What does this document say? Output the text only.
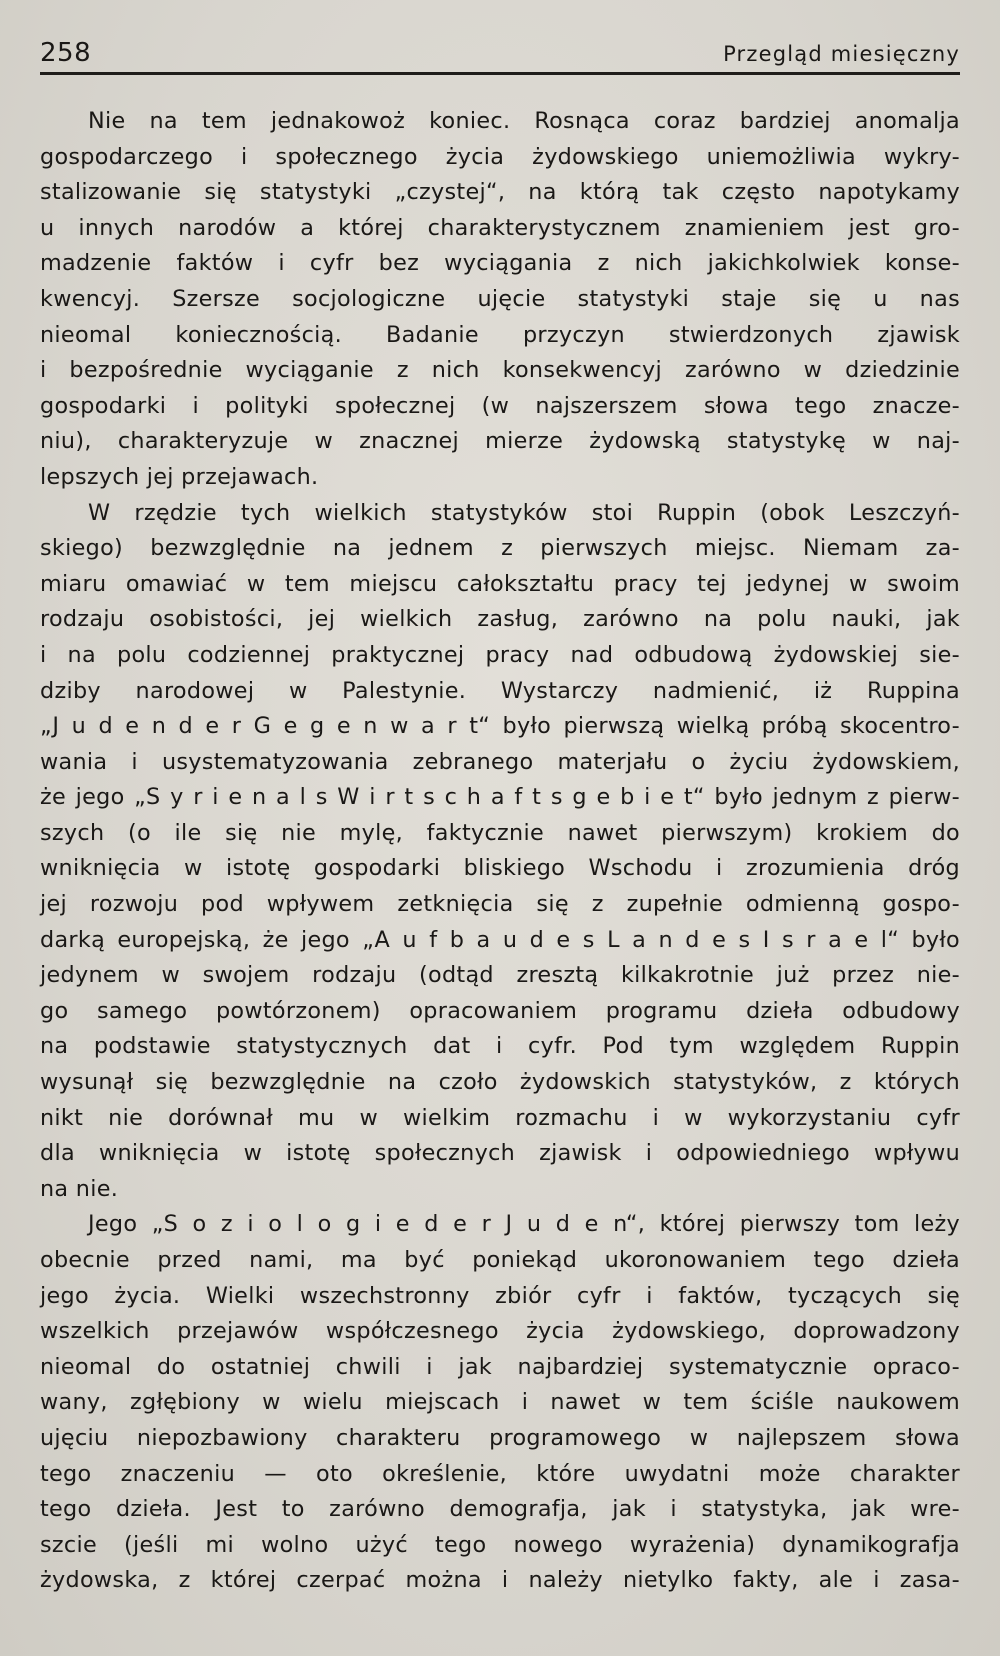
258	Przegląd miesięczny
Nie na tem jednakowoż koniec. Rosnąca coraz bardziej anomalja
gospodarczego i społecznego życia żydowskiego uniemożliwia wykry-
stalizowanie się statystyki „czystej“, na którą tak często napotykamy
u innych narodów a której charakterystycznem znamieniem jest gro-
madzenie faktów i cyfr bez wyciągania z nich jakichkolwiek konse-
kwencyj. Szersze socjologiczne ujęcie statystyki staje się u nas
nieomal koniecznością. Badanie przyczyn stwierdzonych zjawisk
i bezpośrednie wyciąganie z nich konsekwencyj zarówno w dziedzinie
gospodarki i polityki społecznej (w najszerszem słowa tego znacze-
niu), charakteryzuje w znacznej mierze żydowską statystykę w naj-
lepszych jej przejawach.
W rzędzie tych wielkich statystyków stoi Ruppin (obok Leszczyń-
skiego) bezwzględnie na jednem z pierwszych miejsc. Niemam za-
miaru omawiać w tem miejscu całokształtu pracy tej jedynej w swoim
rodzaju osobistości, jej wielkich zasług, zarówno na polu nauki, jak
i na polu codziennej praktycznej pracy nad odbudową żydowskiej sie-
dziby narodowej w Palestynie. Wystarczy nadmienić, iż Ruppina
„J u d e n d e r G e g e n w a r t“ było pierwszą wielką próbą skocentro-
wania i usystematyzowania zebranego materjału o życiu żydowskiem,
że jego „S y r i e n a l s W i r t s c h a f t s g e b i e t“ było jednym z pierw-
szych (o ile się nie mylę, faktycznie nawet pierwszym) krokiem do
wniknięcia w istotę gospodarki bliskiego Wschodu i zrozumienia dróg
jej rozwoju pod wpływem zetknięcia się z zupełnie odmienną gospo-
darką europejską, że jego „A u f b a u d e s L a n d e s I s r a e l“ było
jedynem w swojem rodzaju (odtąd zresztą kilkakrotnie już przez nie-
go samego powtórzonem) opracowaniem programu dzieła odbudowy
na podstawie statystycznych dat i cyfr. Pod tym względem Ruppin
wysunął się bezwzględnie na czoło żydowskich statystyków, z których
nikt nie dorównał mu w wielkim rozmachu i w wykorzystaniu cyfr
dla wniknięcia w istotę społecznych zjawisk i odpowiedniego wpływu
na nie.
Jego „S o z i o l o g i e d e r J u d e n“, której pierwszy tom leży
obecnie przed nami, ma być poniekąd ukoronowaniem tego dzieła
jego życia. Wielki wszechstronny zbiór cyfr i faktów, tyczących się
wszelkich przejawów współczesnego życia żydowskiego, doprowadzony
nieomal do ostatniej chwili i jak najbardziej systematycznie opraco-
wany, zgłębiony w wielu miejscach i nawet w tem ściśle naukowem
ujęciu niepozbawiony charakteru programowego w najlepszem słowa
tego znaczeniu — oto określenie, które uwydatni może charakter
tego dzieła. Jest to zarówno demografja, jak i statystyka, jak wre-
szcie (jeśli mi wolno użyć tego nowego wyrażenia) dynamikografja
żydowska, z której czerpać można i należy nietylko fakty, ale i zasa-
